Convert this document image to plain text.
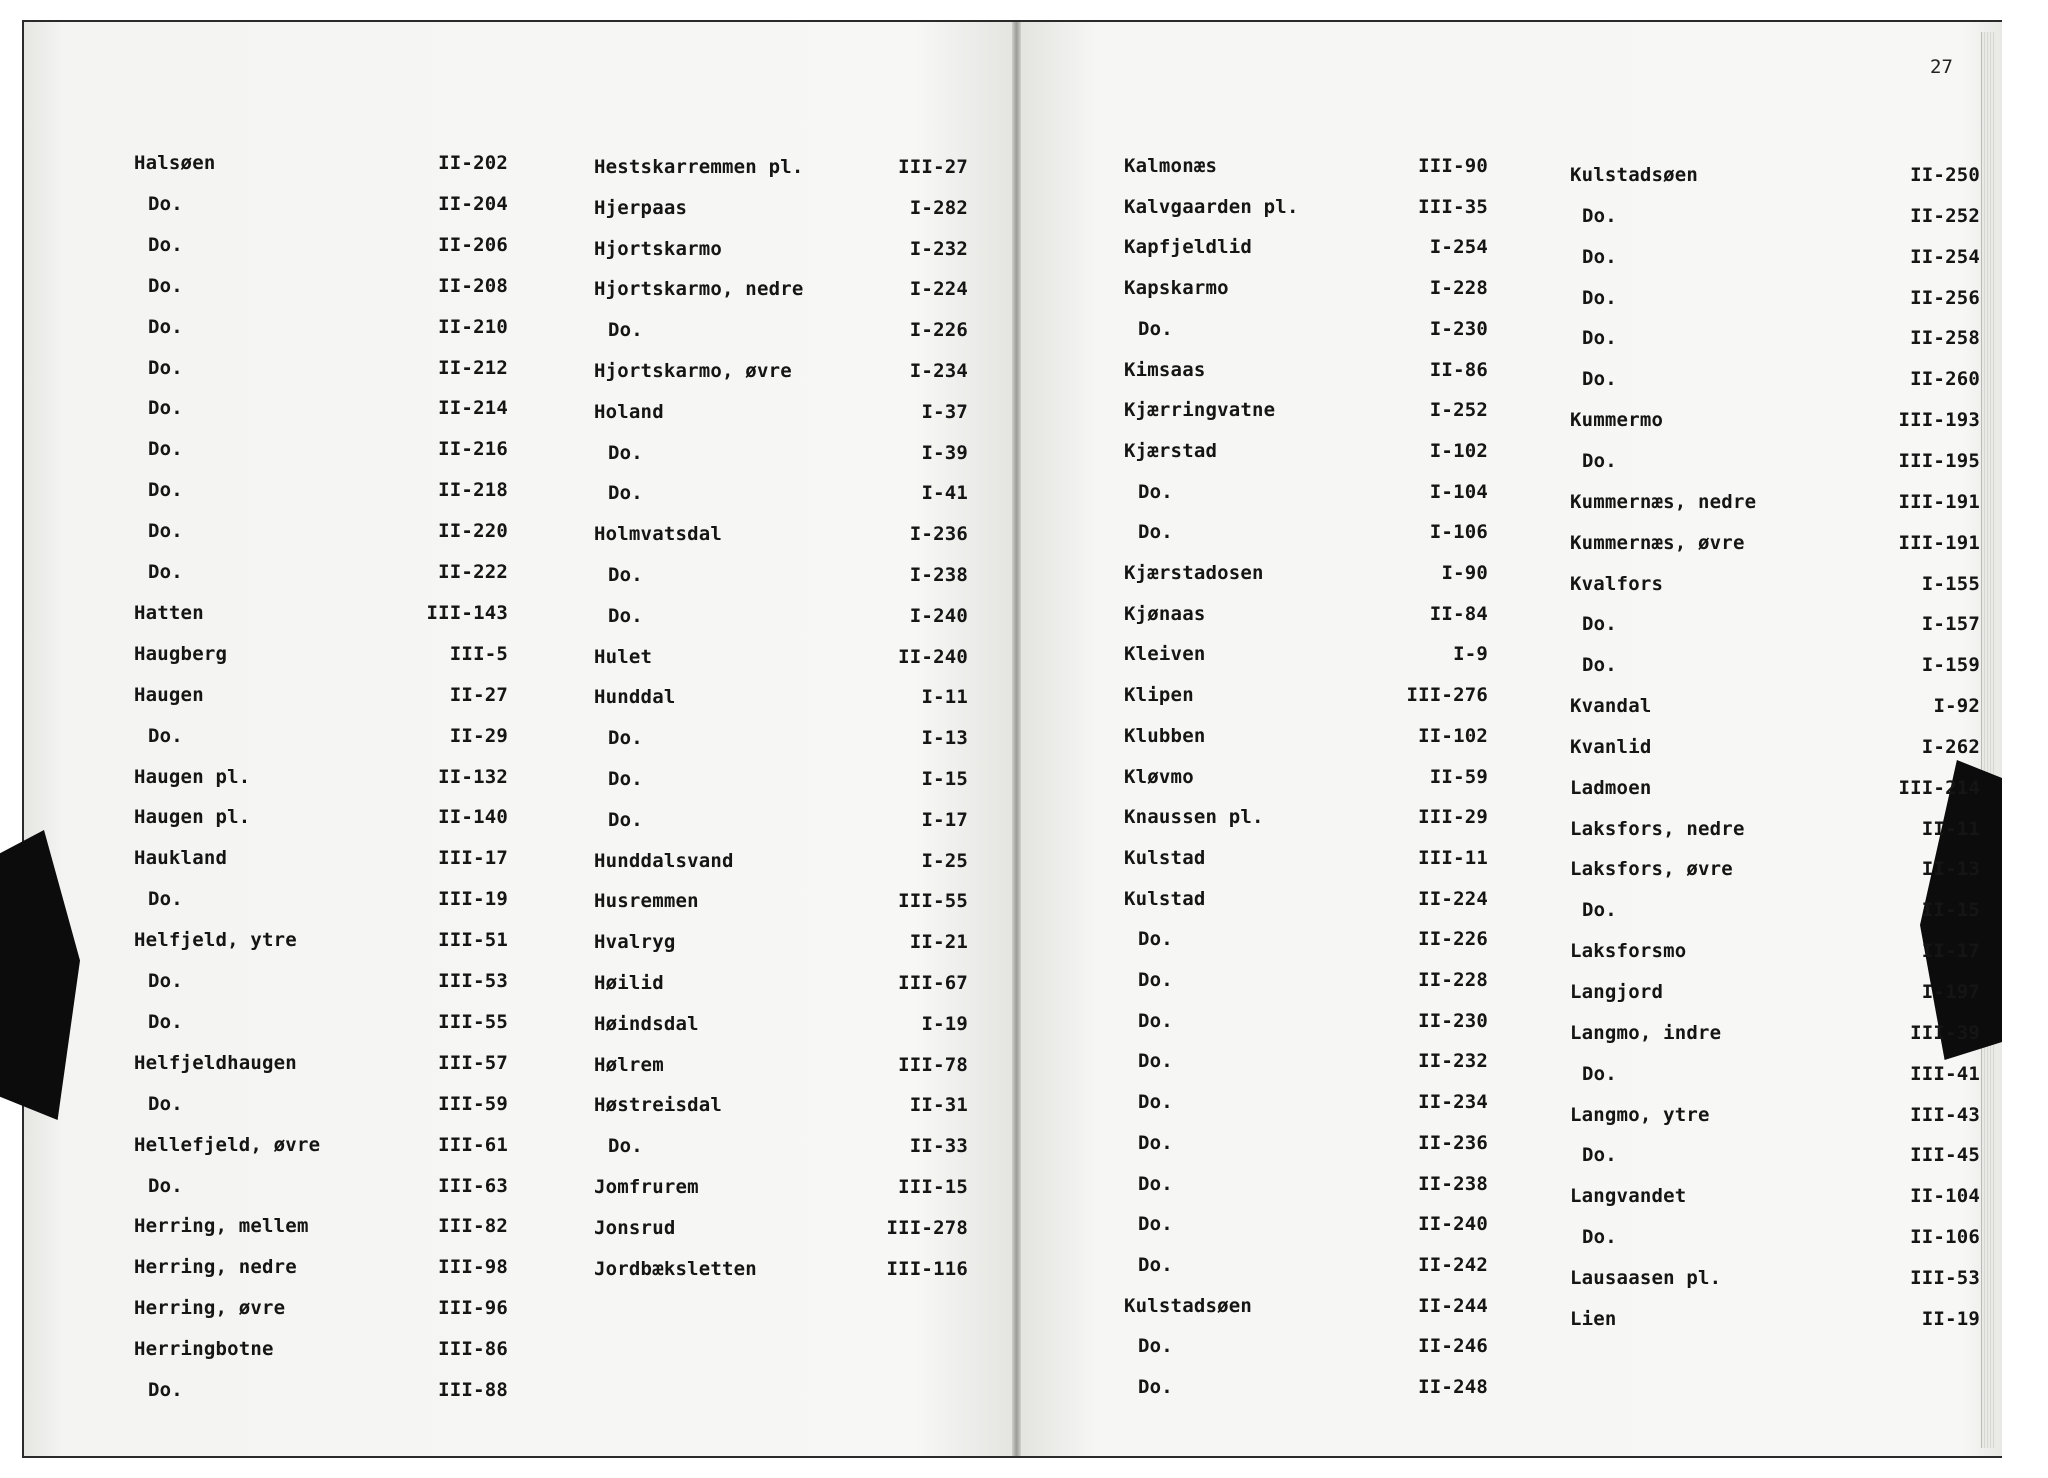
27
Halsøen	II-202
Do.	II-204
Do.	II-206
Do.	II-208
Do.	II-210
Do.	II-212
Do.	II-214
Do.	II-216
Do.	II-218
Do.	II-220
Do.	II-222
Hatten	III-143
Haugberg	III-5
Haugen	II-27
Do.	II-29
Haugen pl.	II-132
Haugen pl.	II-140
Haukland	III-17
Do.	III-19
Helfjeld, ytre	III-51
Do.	III-53
Do.	III-55
Helfjeldhaugen	III-57
Do.	III-59
Hellefjeld, øvre	III-61
Do.	III-63
Herring, mellem	III-82
Herring, nedre	III-98
Herring, øvre	III-96
Herringbotne	III-86
Do.	III-88
Hestskarremmen pl.	III-27
Hjerpaas	I-282
Hjortskarmo	I-232
Hjortskarmo, nedre	I-224
Do.	I-226
Hjortskarmo, øvre	I-234
Holand	I-37
Do.	I-39
Do.	I-41
Holmvatsdal	I-236
Do.	I-238
Do.	I-240
Hulet	II-240
Hunddal	I-11
Do.	I-13
Do.	I-15
Do.	I-17
Hunddalsvand	I-25
Husremmen	III-55
Hvalryg	II-21
Høilid	III-67
Høindsdal	I-19
Hølrem	III-78
Høstreisdal	II-31
Do.	II-33
Jomfrurem	III-15
Jonsrud	III-278
Jordbæksletten	III-116
Kalmonæs	III-90
Kalvgaarden pl.	III-35
Kapfjeldlid	I-254
Kapskarmo	I-228
Do.	I-230
Kimsaas	II-86
Kjærringvatne	I-252
Kjærstad	I-102
Do.	I-104
Do.	I-106
Kjærstadosen	I-90
Kjønaas	II-84
Kleiven	I-9
Klipen	III-276
Klubben	II-102
Kløvmo	II-59
Knaussen pl.	III-29
Kulstad	III-11
Kulstad	II-224
Do.	II-226
Do.	II-228
Do.	II-230
Do.	II-232
Do.	II-234
Do.	II-236
Do.	II-238
Do.	II-240
Do.	II-242
Kulstadsøen	II-244
Do.	II-246
Do.	II-248
Kulstadsøen	II-250
Do.	II-252
Do.	II-254
Do.	II-256
Do.	II-258
Do.	II-260
Kummermo	III-193
Do.	III-195
Kummernæs, nedre	III-191
Kummernæs, øvre	III-191
Kvalfors	I-155
Do.	I-157
Do.	I-159
Kvandal	I-92
Kvanlid	I-262
Ladmoen	III-214
Laksfors, nedre	II-11
Laksfors, øvre	II-13
Do.	II-15
Laksforsmo	II-17
Langjord	I-197
Langmo, indre	III-39
Do.	III-41
Langmo, ytre	III-43
Do.	III-45
Langvandet	II-104
Do.	II-106
Lausaasen pl.	III-53
Lien	II-19
